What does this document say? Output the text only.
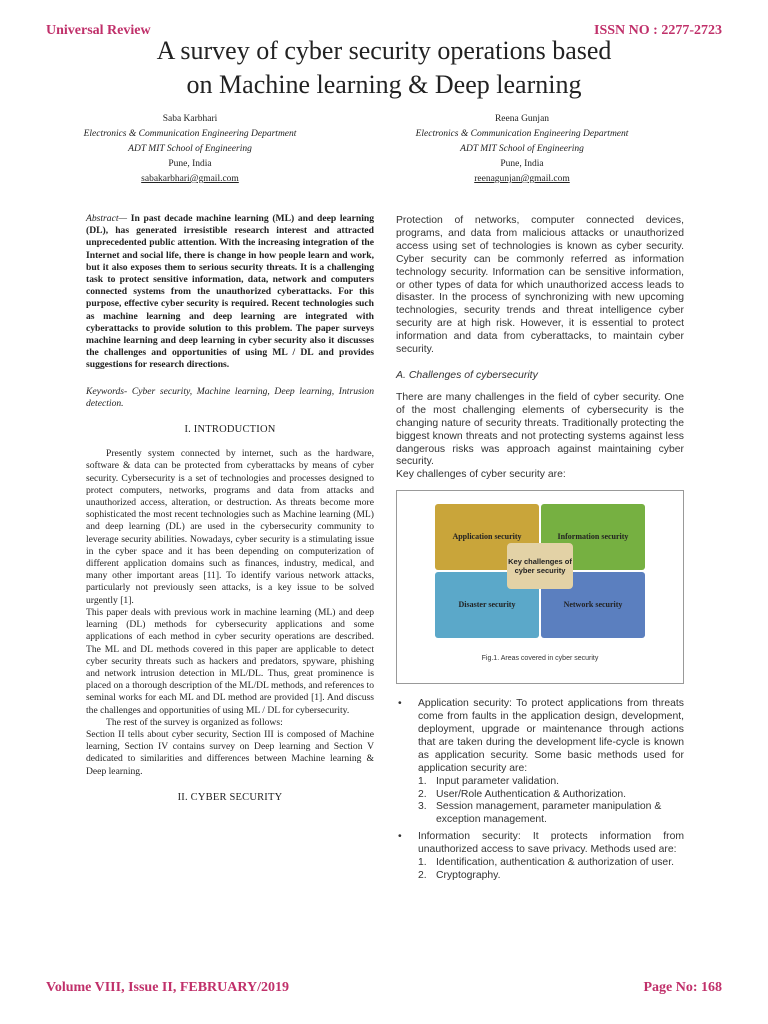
Universal Review	ISSN NO : 2277-2723
A survey of cyber security operations based
on Machine learning & Deep learning
Saba Karbhari
Electronics & Communication Engineering Department
ADT MIT School of Engineering
Pune, India
sabakarbhari@gmail.com
Reena Gunjan
Electronics & Communication Engineering Department
ADT MIT School of Engineering
Pune, India
reenagunjan@gmail.com

Abstract— In past decade machine learning (ML) and deep learning (DL), has generated irresistible research interest and attracted unprecedented public attention. With the increasing integration of the Internet and social life, there is change in how people learn and work, but it also exposes them to serious security threats. It is a challenging task to protect sensitive information, data, network and computers connected systems from the unauthorized cyberattacks. For this purpose, effective cyber security is required. Recent technologies such as machine learning and deep learning are integrated with cyberattacks to provide solution to this problem. The paper surveys machine learning and deep learning in cyber security also it discusses the challenges and opportunities of using ML / DL and provides suggestions for research directions.

Keywords- Cyber security, Machine learning, Deep learning, Intrusion detection.

I. INTRODUCTION

Presently system connected by internet, such as the hardware, software & data can be protected from cyberattacks by means of cyber security. Cybersecurity is a set of technologies and processes designed to protect computers, networks, programs and data from attacks and unauthorized access, alteration, or destruction. As threats become more sophisticated the most recent technologies such as Machine learning (ML) and deep learning (DL) are used in the cybersecurity community to leverage security abilities. Nowadays, cyber security is a stimulating issue in the cyber space and it has been depending on computerization of different application domains such as finances, industry, medical, and many other important areas [11]. To identify various network attacks, particularly not previously seen attacks, is a key issue to be solved urgently [1].

This paper deals with previous work in machine learning (ML) and deep learning (DL) methods for cybersecurity applications and some applications of each method in cyber security operations are described. The ML and DL methods covered in this paper are applicable to detect cyber security threats such as hackers and predators, spyware, phishing and network intrusion detection in ML/DL. Thus, great prominence is placed on a thorough description of the ML/DL methods, and references to seminal works for each ML and DL method are provided [1]. And discuss the challenges and opportunities of using ML / DL for cybersecurity.

The rest of the survey is organized as follows:

Section II tells about cyber security, Section III is composed of Machine learning, Section IV contains survey on Deep learning and Section V dedicated to similarities and differences between Machine learning & Deep learning.

II. CYBER SECURITY

Protection of networks, computer connected devices, programs, and data from malicious attacks or unauthorized access using set of technologies is known as cyber security. Cyber security can be commonly referred as information technology security. Information can be sensitive information, or other types of data for which unauthorized access leads to disaster. In the process of synchronizing with new upcoming technologies, security trends and threat intelligence cyber security are at high risk. However, it is essential to protect information and data from cyberattacks, to maintain cyber security.

A. Challenges of cybersecurity

There are many challenges in the field of cyber security. One of the most challenging elements of cybersecurity is the changing nature of security threats. Traditionally protecting the biggest known threats and not protecting systems against less dangerous risks was approach against maintaining cyber security.

Key challenges of cyber security are:

Application security	Information security
Disaster security	Network security
Key challenges of cyber security
Fig.1. Areas covered in cyber security
• Application security: To protect applications from threats come from faults in the application design, development, deployment, upgrade or maintenance through actions that are taken during the development life-cycle is known as application security. Some basic methods used for application security are:
1. Input parameter validation.
2. User/Role Authentication & Authorization.
3. Session management, parameter manipulation & exception management.
• Information security: It protects information from unauthorized access to save privacy. Methods used are:
1. Identification, authentication & authorization of user.
2. Cryptography.
Volume VIII, Issue II, FEBRUARY/2019	Page No: 168
